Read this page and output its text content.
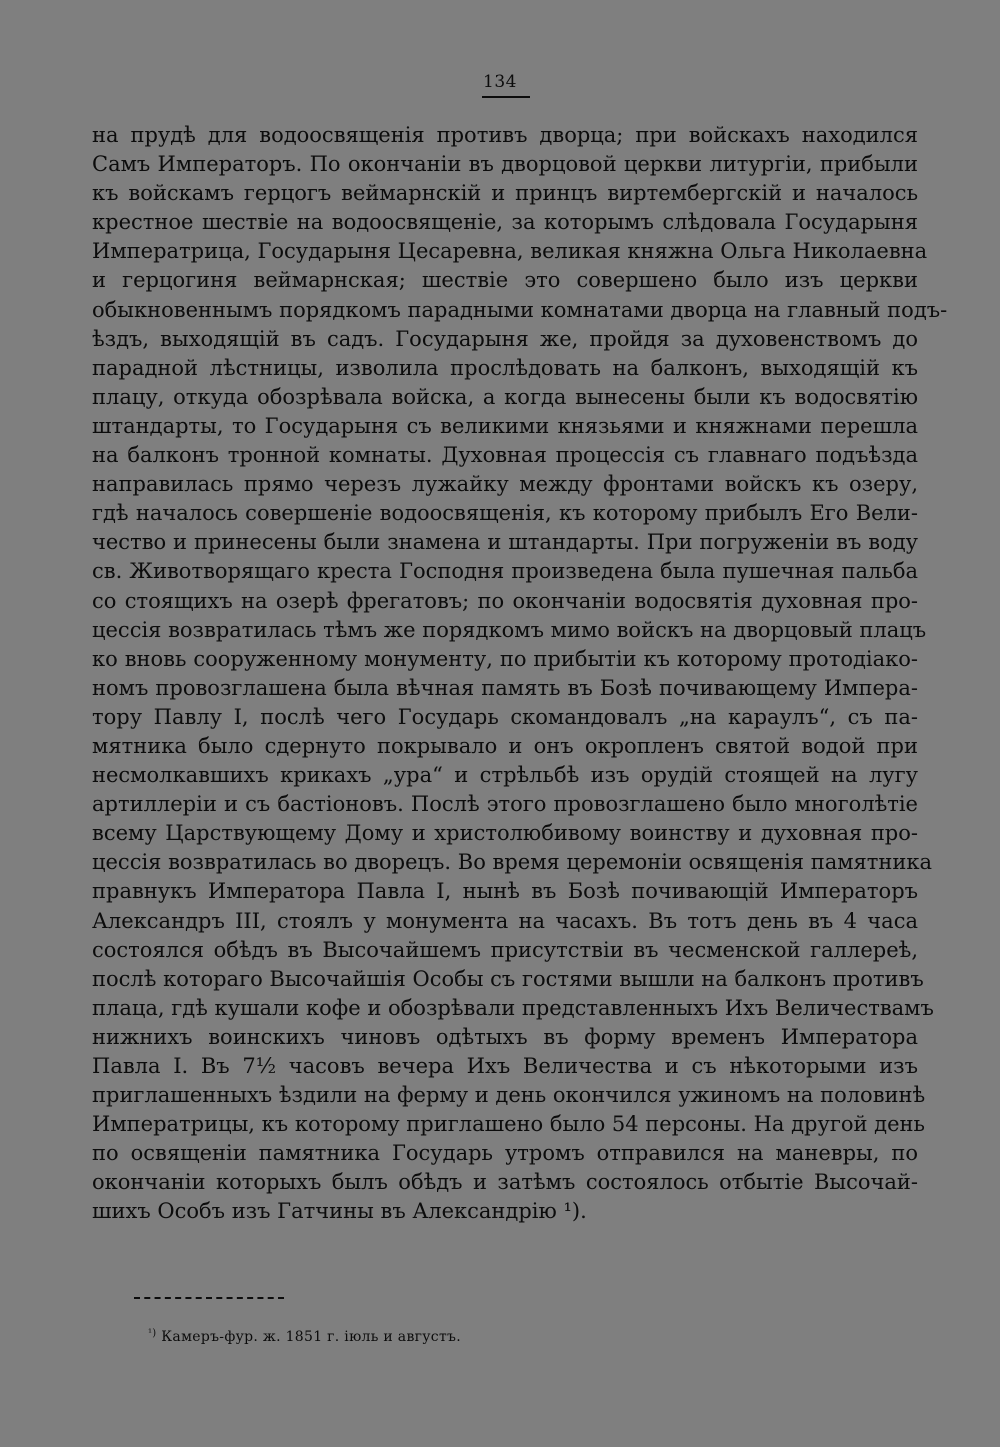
134
на прудѣ для водоосвященія противъ дворца; при войскахъ находился
Самъ Императоръ. По окончаніи въ дворцовой церкви литургіи, прибыли
къ войскамъ герцогъ веймарнскій и принцъ виртембергскій и началось
крестное шествіе на водоосвященіе, за которымъ слѣдовала Государыня
Императрица, Государыня Цесаревна, великая княжна Ольга Николаевна
и герцогиня веймарнская; шествіе это совершено было изъ церкви
обыкновеннымъ порядкомъ парадными комнатами дворца на главный подъ-
ѣздъ, выходящій въ садъ. Государыня же, пройдя за духовенствомъ до
парадной лѣстницы, изволила прослѣдовать на балконъ, выходящій къ
плацу, откуда обозрѣвала войска, а когда вынесены были къ водосвятію
штандарты, то Государыня съ великими князьями и княжнами перешла
на балконъ тронной комнаты. Духовная процессія съ главнаго подъѣзда
направилась прямо черезъ лужайку между фронтами войскъ къ озеру,
гдѣ началось совершеніе водоосвященія, къ которому прибылъ Его Вели-
чество и принесены были знамена и штандарты. При погруженіи въ воду
св. Животворящаго креста Господня произведена была пушечная пальба
со стоящихъ на озерѣ фрегатовъ; по окончаніи водосвятія духовная про-
цессія возвратилась тѣмъ же порядкомъ мимо войскъ на дворцовый плацъ
ко вновь сооруженному монументу, по прибытіи къ которому протодіако-
номъ провозглашена была вѣчная память въ Бозѣ почивающему Импера-
тору Павлу I, послѣ чего Государь скомандовалъ „на караулъ“, съ па-
мятника было сдернуто покрывало и онъ окропленъ святой водой при
несмолкавшихъ крикахъ „ура“ и стрѣльбѣ изъ орудій стоящей на лугу
артиллеріи и съ бастіоновъ. Послѣ этого провозглашено было многолѣтіе
всему Царствующему Дому и христолюбивому воинству и духовная про-
цессія возвратилась во дворецъ. Во время церемоніи освященія памятника
правнукъ Императора Павла I, нынѣ въ Бозѣ почивающій Императоръ
Александръ III, стоялъ у монумента на часахъ. Въ тотъ день въ 4 часа
состоялся обѣдъ въ Высочайшемъ присутствіи въ чесменской галлереѣ,
послѣ котораго Высочайшія Особы съ гостями вышли на балконъ противъ
плаца, гдѣ кушали кофе и обозрѣвали представленныхъ Ихъ Величествамъ
нижнихъ воинскихъ чиновъ одѣтыхъ въ форму временъ Императора
Павла I. Въ 7½ часовъ вечера Ихъ Величества и съ нѣкоторыми изъ
приглашенныхъ ѣздили на ферму и день окончился ужиномъ на половинѣ
Императрицы, къ которому приглашено было 54 персоны. На другой день
по освященіи памятника Государь утромъ отправился на маневры, по
окончаніи которыхъ былъ обѣдъ и затѣмъ состоялось отбытіе Высочай-
шихъ Особъ изъ Гатчины въ Александрію ¹).
$^{^1)}$ Камеръ-фур. ж. 1851 г. іюль и августъ.
